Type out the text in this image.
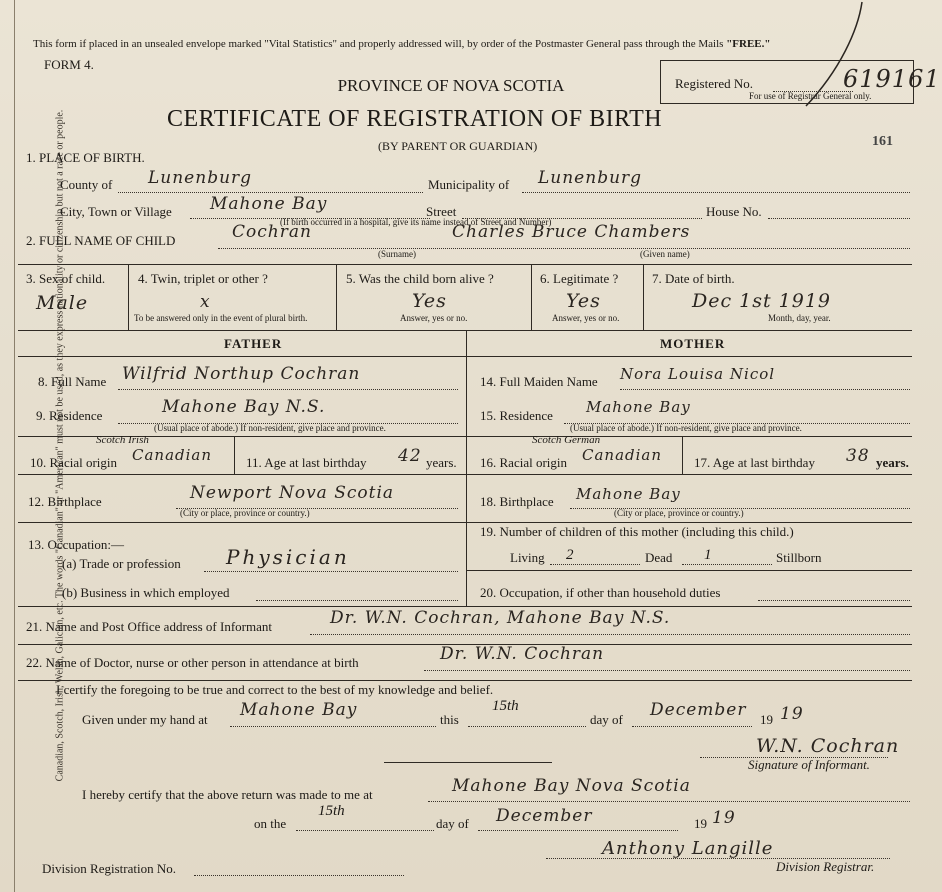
Canadian, Scotch, Irish, Welsh, Galician, etc. The words "Canadian" or "American" must not be used, as they express nationality or citizenship but not a race or people.
This form if placed in an unsealed envelope marked "Vital Statistics" and properly addressed will, by order of the Postmaster General pass through the Mails "FREE."
FORM 4.
Registered No.
For use of Registrar General only.
619161
161
PROVINCE OF NOVA SCOTIA
CERTIFICATE OF REGISTRATION OF BIRTH
(BY PARENT OR GUARDIAN)
1. PLACE OF BIRTH.
County of Lunenburg	Municipality of Lunenburg
City, Town or Village Mahone Bay	Street	House No.
(If birth occurred in a hospital, give its name instead of Street and Number)
2. FULL NAME OF CHILD	Cochran	Charles Bruce Chambers
(Surname)	(Given name)
3. Sex of child.
Male
4. Twin, triplet or other ?
x
To be answered only in the event of plural birth.
5. Was the child born alive ?
Yes
Answer, yes or no.
6. Legitimate ?
Yes
Answer, yes or no.
7. Date of birth.
Dec 1st 1919
Month, day, year.
FATHER	MOTHER
8. Full Name Wilfrid Northup Cochran
9. Residence	Mahone Bay N.S.
(Usual place of abode.) If non-resident, give place and province.
Scotch Irish
10. Racial origin Canadian	11. Age at last birthday 42 years.
12. Birthplace	Newport Nova Scotia
(City or place, province or country.)
13. Occupation:—
(a) Trade or profession Physician
(b) Business in which employed
14. Full Maiden Name Nora Louisa Nicol
15. Residence Mahone Bay
(Usual place of abode.) If non-resident, give place and province.
Scotch German
16. Racial origin Canadian 17. Age at last birthday 38 years.
18. Birthplace Mahone Bay
(City or place, province or country.)
19. Number of children of this mother (including this child.)
Living 2	Dead 1	Stillborn
20. Occupation, if other than household duties
21. Name and Post Office address of Informant	Dr. W.N. Cochran, Mahone Bay N.S.
22. Name of Doctor, nurse or other person in attendance at birth	Dr. W.N. Cochran
I certify the foregoing to be true and correct to the best of my knowledge and belief.
Given under my hand at Mahone Bay	this
15th
day of December 19 19
W.N. Cochran
Signature of Informant.
I hereby certify that the above return was made to me at	Mahone Bay Nova Scotia
on the
15th
day of December	19 19
Anthony Langille
Division Registrar.
Division Registration No.
